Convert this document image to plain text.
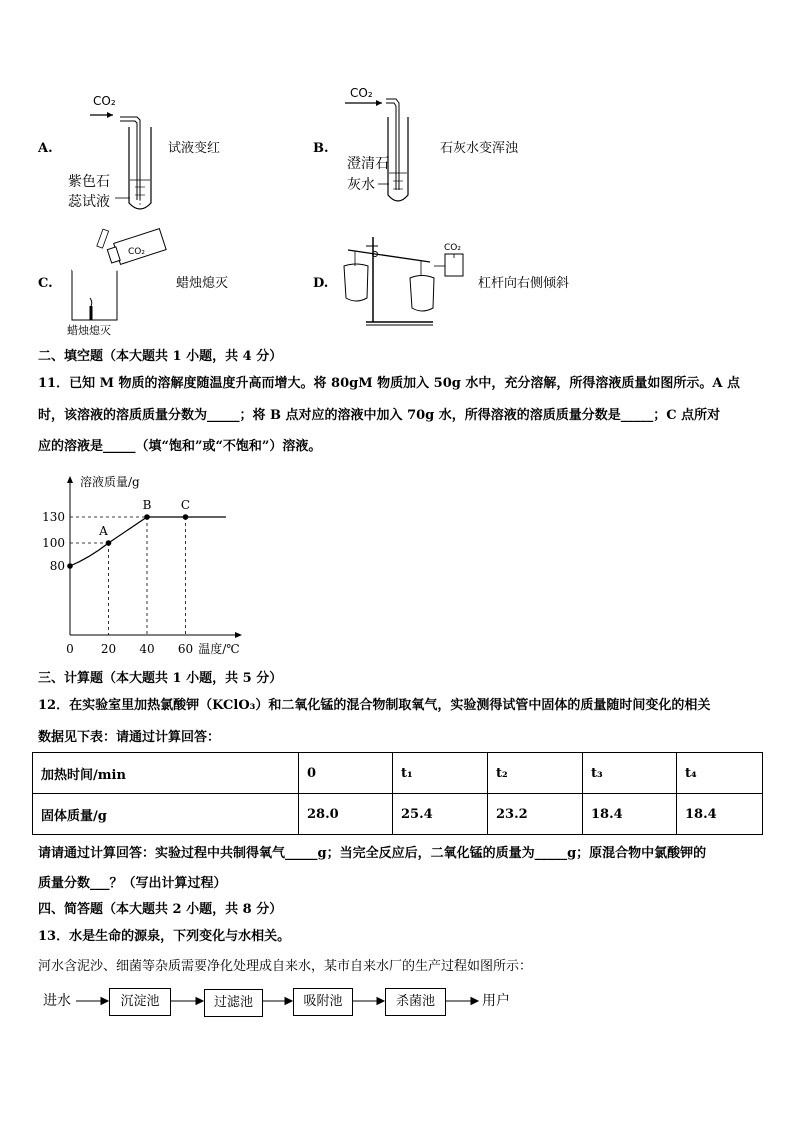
A.
CO₂
紫色石
蕊试液
试液变红	B.
CO₂
澄清石
灰水
石灰水变浑浊
C.
CO₂
蜡烛熄灭
蜡烛熄灭	D.
CO₂
杠杆向右侧倾斜
二、填空题（本大题共 1 小题，共 4 分）
11．已知 M 物质的溶解度随温度升高而增大。将 80gM 物质加入 50g 水中，充分溶解，所得溶液质量如图所示。A 点
时，该溶液的溶质质量分数为_____；将 B 点对应的溶液中加入 70g 水，所得溶液的溶质质量分数是_____；C 点所对
应的溶液是_____（填“饱和”或“不饱和”）溶液。
溶液质量/g
温度/℃
0 20 40 60
80
100
130
A
B C
三、计算题（本大题共 1 小题，共 5 分）
12．在实验室里加热氯酸钾（KClO₃）和二氧化锰的混合物制取氧气，实验测得试管中固体的质量随时间变化的相关
数据见下表：请通过计算回答：
加热时间/min	0	t₁	t₂	t₃	t₄
固体质量/g	28.0	25.4	23.2	18.4	18.4
请请通过计算回答：实验过程中共制得氧气_____g；当完全反应后，二氧化锰的质量为_____g；原混合物中氯酸钾的
质量分数___？（写出计算过程）
四、简答题（本大题共 2 小题，共 8 分）
13．水是生命的源泉，下列变化与水相关。
河水含泥沙、细菌等杂质需要净化处理成自来水，某市自来水厂的生产过程如图所示：
进水	沉淀池	过滤池	吸附池	杀菌池	用户
